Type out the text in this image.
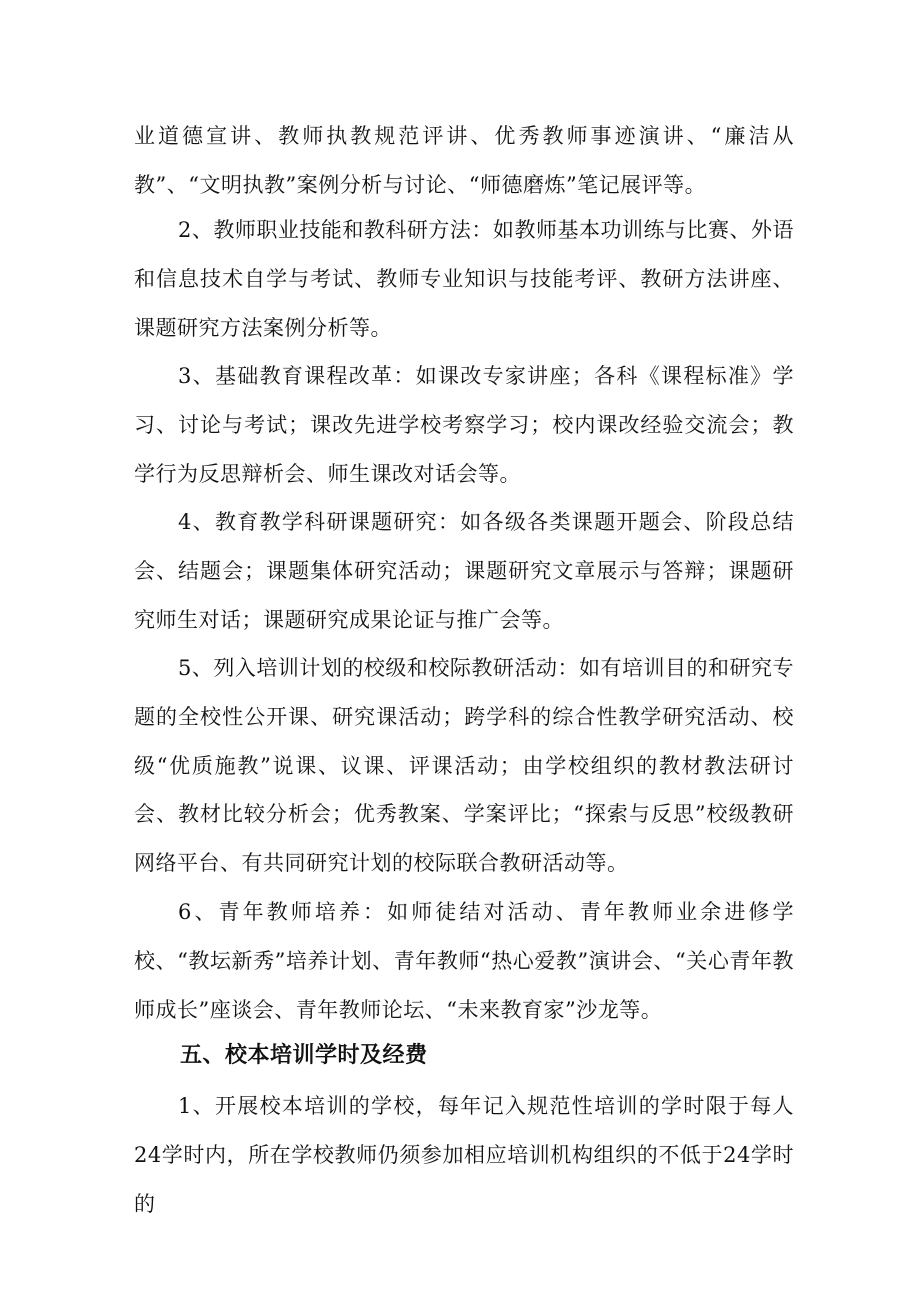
业道德宣讲、教师执教规范评讲、优秀教师事迹演讲、“廉洁从教”、“文明执教”案例分析与讨论、“师德磨炼”笔记展评等。

2、教师职业技能和教科研方法：如教师基本功训练与比赛、外语和信息技术自学与考试、教师专业知识与技能考评、教研方法讲座、课题研究方法案例分析等。

3、基础教育课程改革：如课改专家讲座；各科《课程标准》学习、讨论与考试；课改先进学校考察学习；校内课改经验交流会；教学行为反思辩析会、师生课改对话会等。

4、教育教学科研课题研究：如各级各类课题开题会、阶段总结会、结题会；课题集体研究活动；课题研究文章展示与答辩；课题研究师生对话；课题研究成果论证与推广会等。

5、列入培训计划的校级和校际教研活动：如有培训目的和研究专题的全校性公开课、研究课活动；跨学科的综合性教学研究活动、校级“优质施教”说课、议课、评课活动；由学校组织的教材教法研讨会、教材比较分析会；优秀教案、学案评比；“探索与反思”校级教研网络平台、有共同研究计划的校际联合教研活动等。

6、青年教师培养：如师徒结对活动、青年教师业余进修学校、“教坛新秀”培养计划、青年教师“热心爱教”演讲会、“关心青年教师成长”座谈会、青年教师论坛、“未来教育家”沙龙等。

五、校本培训学时及经费

1、开展校本培训的学校，每年记入规范性培训的学时限于每人24学时内，所在学校教师仍须参加相应培训机构组织的不低于24学时的
